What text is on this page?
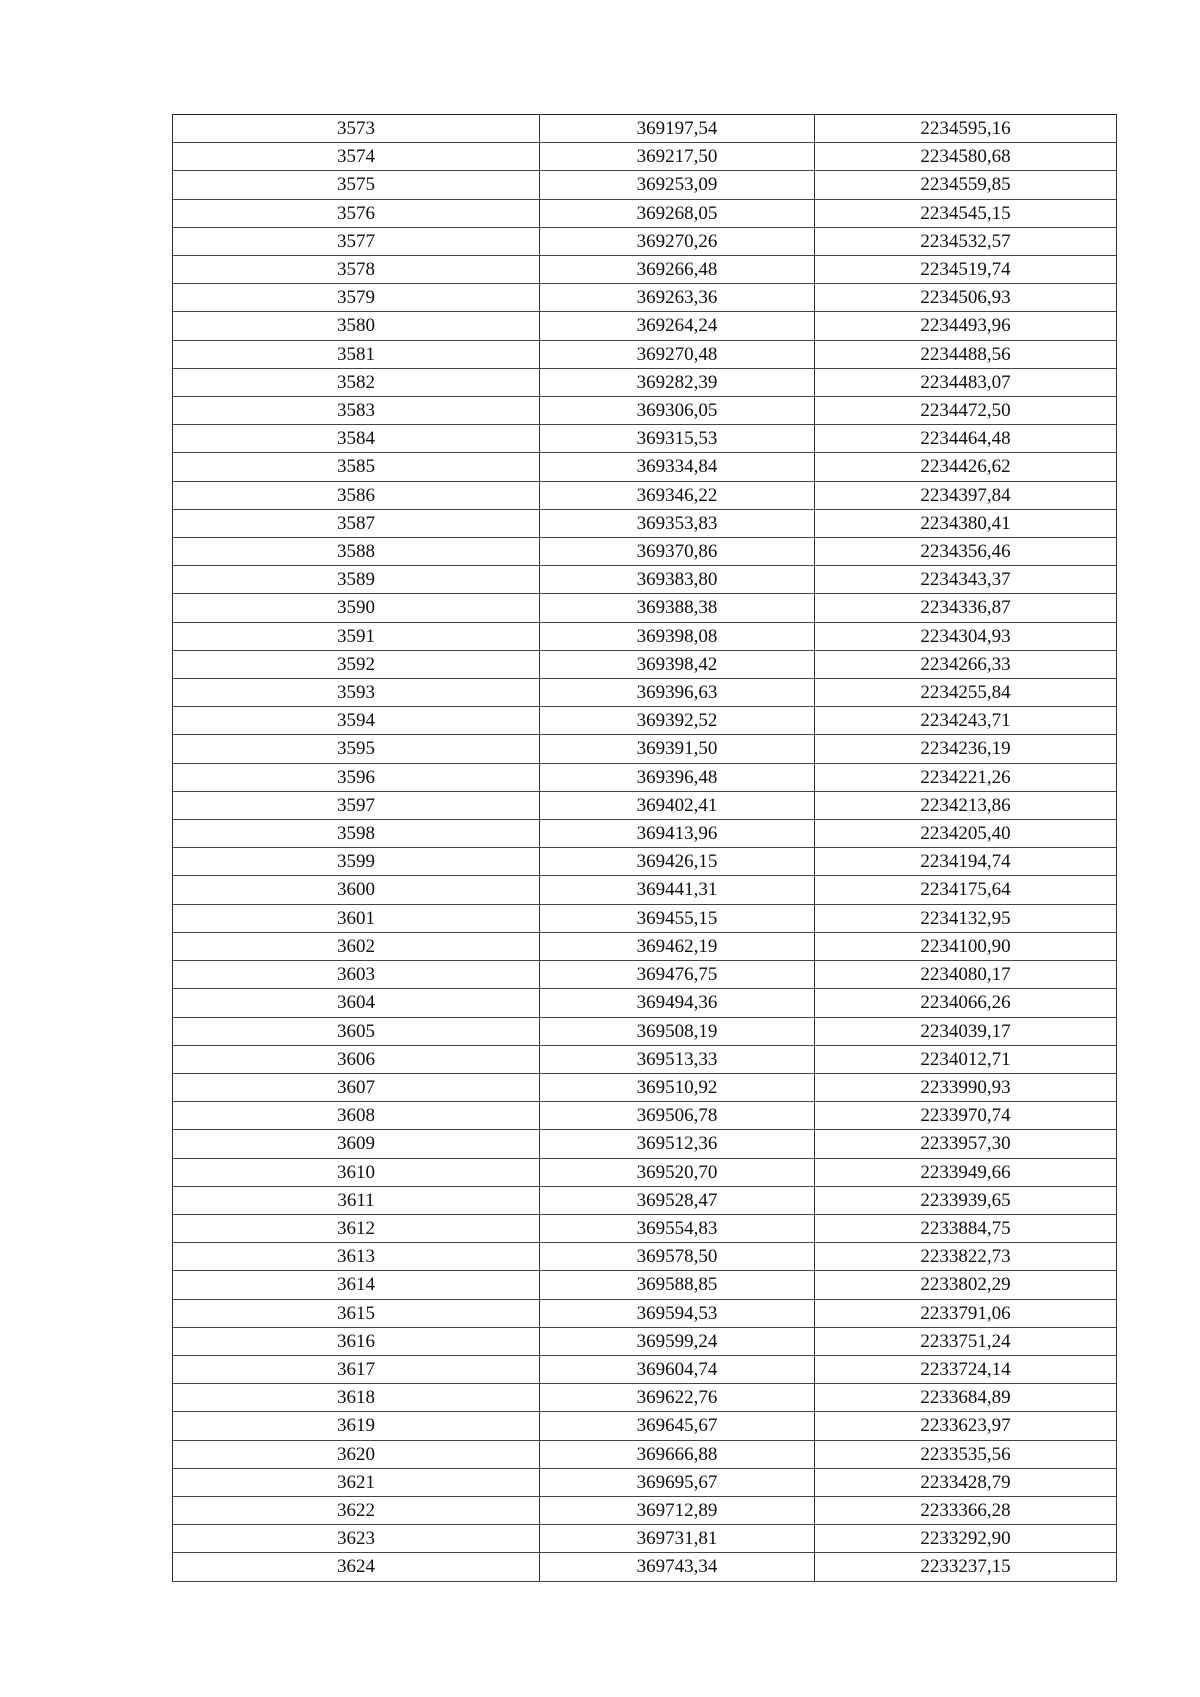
3573	369197,54	2234595,16
3574	369217,50	2234580,68
3575	369253,09	2234559,85
3576	369268,05	2234545,15
3577	369270,26	2234532,57
3578	369266,48	2234519,74
3579	369263,36	2234506,93
3580	369264,24	2234493,96
3581	369270,48	2234488,56
3582	369282,39	2234483,07
3583	369306,05	2234472,50
3584	369315,53	2234464,48
3585	369334,84	2234426,62
3586	369346,22	2234397,84
3587	369353,83	2234380,41
3588	369370,86	2234356,46
3589	369383,80	2234343,37
3590	369388,38	2234336,87
3591	369398,08	2234304,93
3592	369398,42	2234266,33
3593	369396,63	2234255,84
3594	369392,52	2234243,71
3595	369391,50	2234236,19
3596	369396,48	2234221,26
3597	369402,41	2234213,86
3598	369413,96	2234205,40
3599	369426,15	2234194,74
3600	369441,31	2234175,64
3601	369455,15	2234132,95
3602	369462,19	2234100,90
3603	369476,75	2234080,17
3604	369494,36	2234066,26
3605	369508,19	2234039,17
3606	369513,33	2234012,71
3607	369510,92	2233990,93
3608	369506,78	2233970,74
3609	369512,36	2233957,30
3610	369520,70	2233949,66
3611	369528,47	2233939,65
3612	369554,83	2233884,75
3613	369578,50	2233822,73
3614	369588,85	2233802,29
3615	369594,53	2233791,06
3616	369599,24	2233751,24
3617	369604,74	2233724,14
3618	369622,76	2233684,89
3619	369645,67	2233623,97
3620	369666,88	2233535,56
3621	369695,67	2233428,79
3622	369712,89	2233366,28
3623	369731,81	2233292,90
3624	369743,34	2233237,15
